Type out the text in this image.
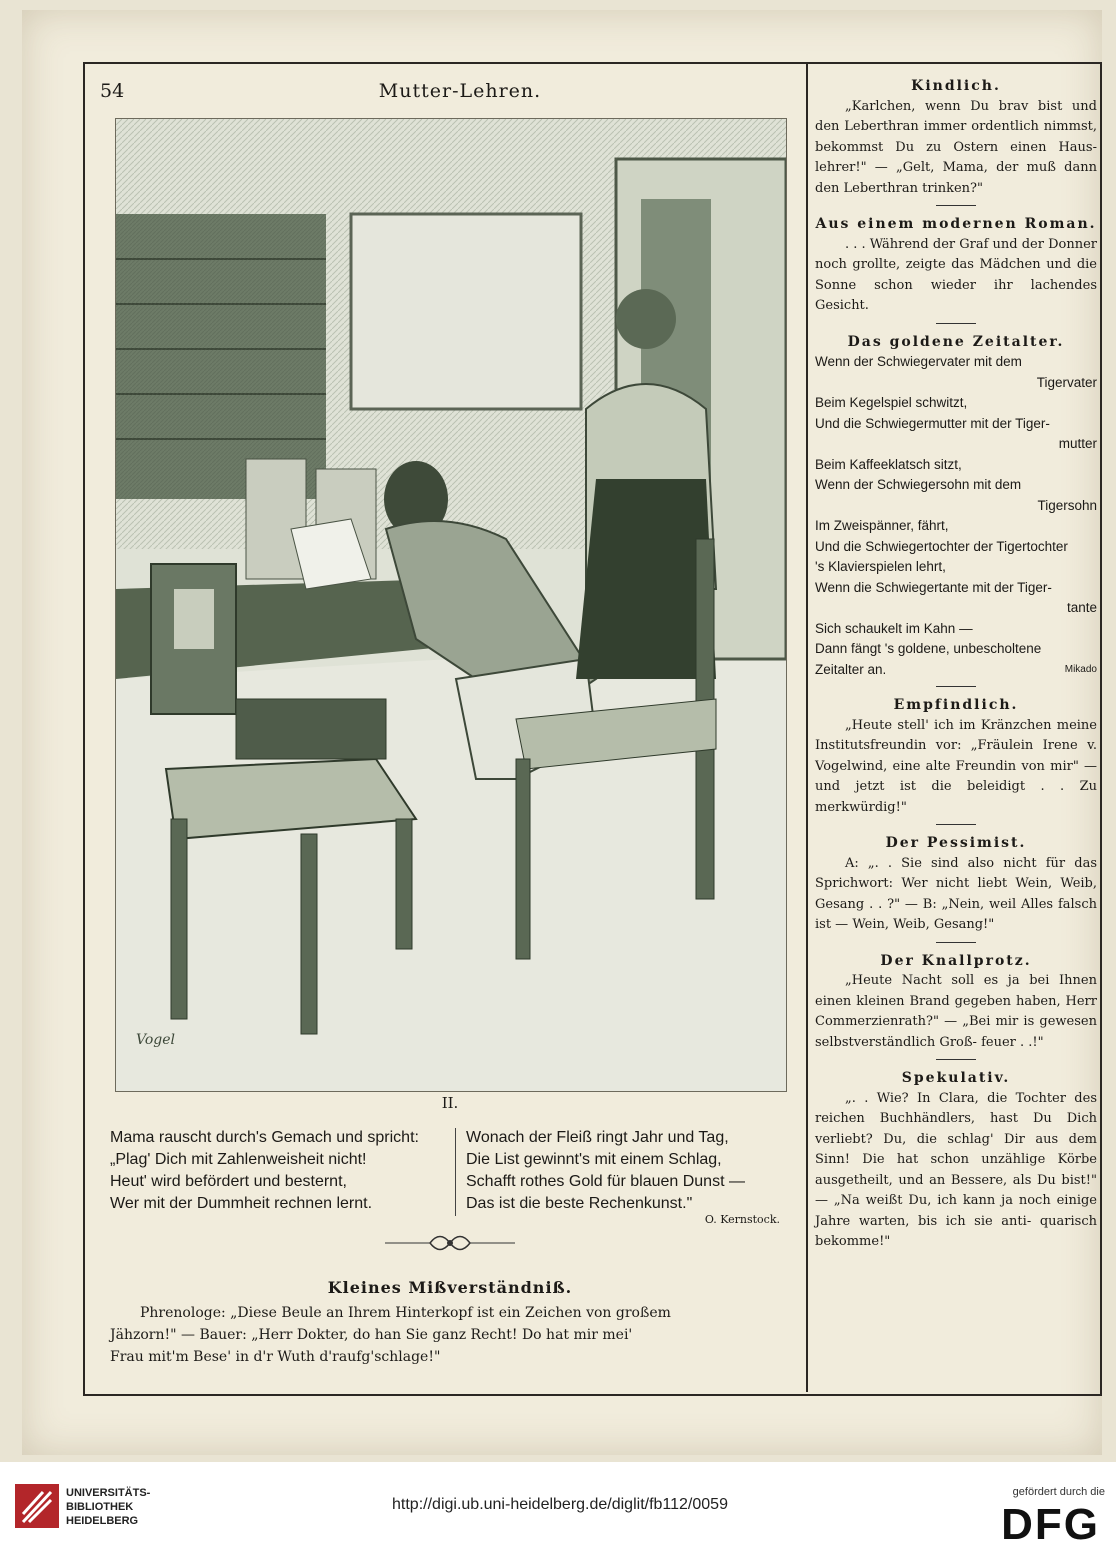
54	Mutter-Lehren.
Vogel
II.
Mama rauscht durch's Gemach und spricht:
„Plag' Dich mit Zahlenweisheit nicht!
Heut' wird befördert und besternt,
Wer mit der Dummheit rechnen lernt.
Wonach der Fleiß ringt Jahr und Tag,
Die List gewinnt's mit einem Schlag,
Schafft rothes Gold für blauen Dunst —
Das ist die beste Rechenkunst."
O. Kernstock.
Kleines Mißverständniß.
Phrenologe: „Diese Beule an Ihrem Hinterkopf ist ein Zeichen von großem
Jähzorn!" — Bauer: „Herr Dokter, do han Sie ganz Recht! Do hat mir mei'
Frau mit'm Bese' in d'r Wuth d'raufg'schlage!"
Kindlich.

„Karlchen, wenn Du brav bist und den Leberthran immer ordentlich nimmst, bekommst Du zu Ostern einen Haus- lehrer!" — „Gelt, Mama, der muß dann den Leberthran trinken?"

Aus einem modernen Roman.

. . . Während der Graf und der Donner noch grollte, zeigte das Mädchen und die Sonne schon wieder ihr lachendes Gesicht.

Das goldene Zeitalter.
Wenn der Schwiegervater mit dem
Tigervater
Beim Kegelspiel schwitzt,
Und die Schwiegermutter mit der Tiger-
mutter
Beim Kaffeeklatsch sitzt,
Wenn der Schwiegersohn mit dem
Tigersohn
Im Zweispänner, fährt,
Und die Schwiegertochter der Tigertochter
's Klavierspielen lehrt,
Wenn die Schwiegertante mit der Tiger-
tante
Sich schaukelt im Kahn —
Dann fängt 's goldene, unbescholtene
Zeitalter an.	Mikado
Empfindlich.

„Heute stell' ich im Kränzchen meine Institutsfreundin vor: „Fräulein Irene v. Vogelwind, eine alte Freundin von mir" — und jetzt ist die beleidigt . . Zu merkwürdig!"

Der Pessimist.

A: „. . Sie sind also nicht für das Sprichwort: Wer nicht liebt Wein, Weib, Gesang . . ?" — B: „Nein, weil Alles falsch ist — Wein, Weib, Gesang!"

Der Knallprotz.

„Heute Nacht soll es ja bei Ihnen einen kleinen Brand gegeben haben, Herr Commerzienrath?" — „Bei mir is gewesen selbstverständlich Groß- feuer . .!"

Spekulativ.

„. . Wie? In Clara, die Tochter des reichen Buchhändlers, hast Du Dich verliebt? Du, die schlag' Dir aus dem Sinn! Die hat schon unzählige Körbe ausgetheilt, und an Bessere, als Du bist!" — „Na weißt Du, ich kann ja noch einige Jahre warten, bis ich sie anti- quarisch bekomme!"

UNIVERSITÄTS-
BIBLIOTHEK
HEIDELBERG
http://digi.ub.uni-heidelberg.de/diglit/fb112/0059
gefördert durch die
DFG
